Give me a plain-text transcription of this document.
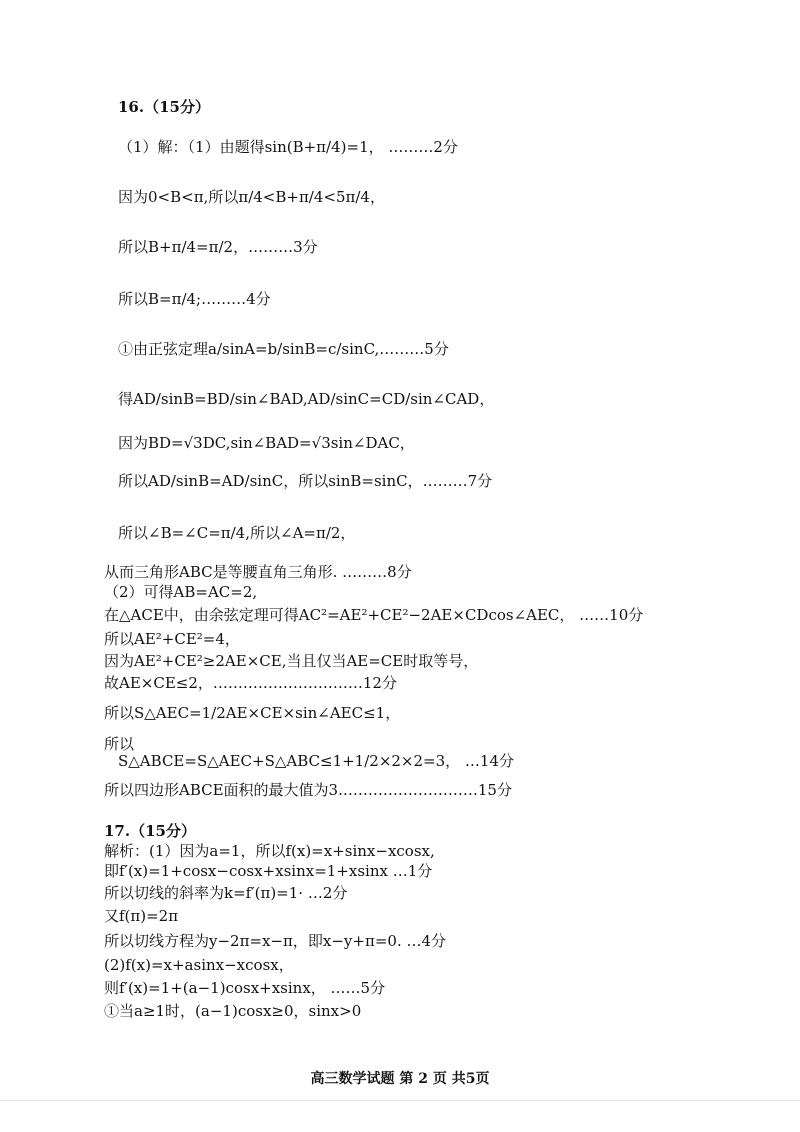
16.（15分）
（1）解：（1）由题得sin(B+π/4)=1， ………2分
因为0<B<π,所以π/4<B+π/4<5π/4，
所以B+π/4=π/2，………3分
所以B=π/4;………4分
①由正弦定理a/sinA=b/sinB=c/sinC,………5分
得AD/sinB=BD/sin∠BAD,AD/sinC=CD/sin∠CAD，
因为BD=√3DC,sin∠BAD=√3sin∠DAC，
所以AD/sinB=AD/sinC，所以sinB=sinC，………7分
所以∠B=∠C=π/4,所以∠A=π/2，
从而三角形ABC是等腰直角三角形. ………8分
（2）可得AB=AC=2,
在△ACE中，由余弦定理可得AC²=AE²+CE²−2AE×CDcos∠AEC， ……10分
所以AE²+CE²=4，
因为AE²+CE²≥2AE×CE,当且仅当AE=CE时取等号，
故AE×CE≤2，…………………………12分
所以S△AEC=1/2AE×CE×sin∠AEC≤1，
所以
S△ABCE=S△AEC+S△ABC≤1+1/2×2×2=3， …14分
所以四边形ABCE面积的最大值为3.………………………15分
17.（15分）
解析：(1）因为a=1，所以f(x)=x+sinx−xcosx,
即f′(x)=1+cosx−cosx+xsinx=1+xsinx …1分
所以切线的斜率为k=f′(π)=1· …2分
又f(π)=2π
所以切线方程为y−2π=x−π，即x−y+π=0. …4分
(2)f(x)=x+asinx−xcosx，
则f′(x)=1+(a−1)cosx+xsinx， ……5分
①当a≥1时，(a−1)cosx≥0，sinx>0
高三数学试题 第 2 页 共5页
